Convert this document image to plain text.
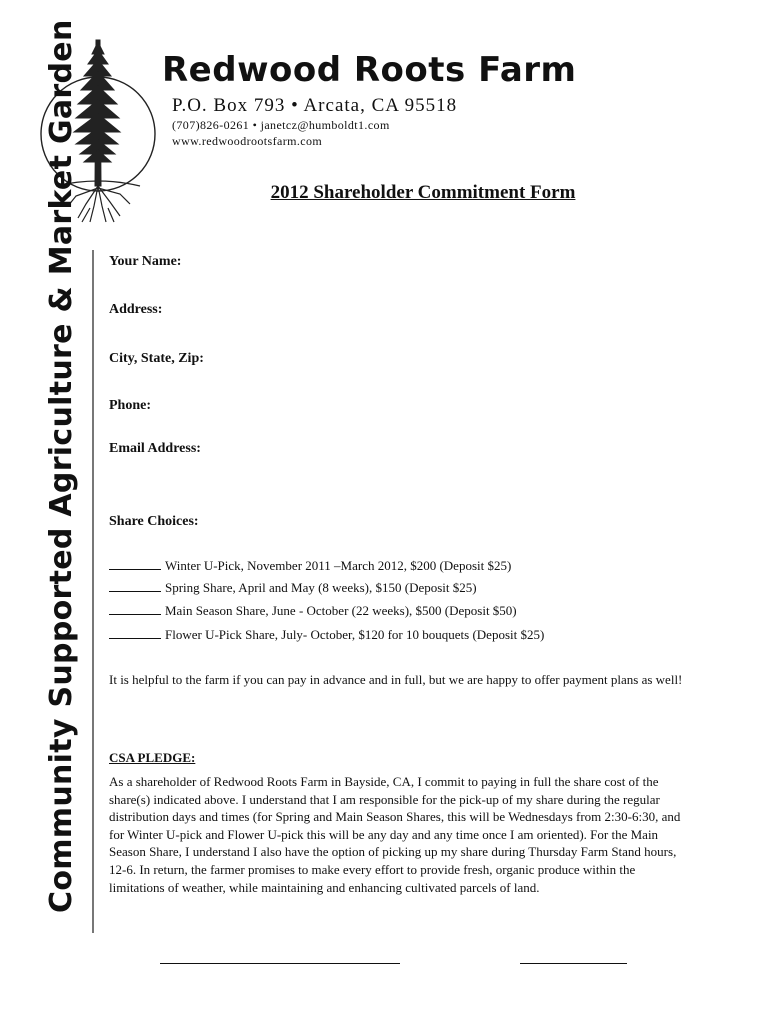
Redwood Roots Farm
P.O. Box 793 • Arcata, CA 95518
(707)826-0261 • janetcz@humboldt1.com
www.redwoodrootsfarm.com
2012 Shareholder Commitment Form
Community Supported Agriculture & Market Garden Your Name:
Address:
City, State, Zip:
Phone:
Email Address:
Share Choices:
Winter U-Pick, November 2011 –March 2012, $200 (Deposit $25)
Spring Share, April and May (8 weeks), $150 (Deposit $25)
Main Season Share, June - October (22 weeks), $500 (Deposit $50)
Flower U-Pick Share, July- October, $120 for 10 bouquets (Deposit $25)
It is helpful to the farm if you can pay in advance and in full, but we are happy to offer payment plans as well!
CSA PLEDGE:
As a shareholder of Redwood Roots Farm in Bayside, CA, I commit to paying in full the share cost of the share(s) indicated above. I understand that I am responsible for the pick-up of my share during the regular distribution days and times (for Spring and Main Season Shares, this will be Wednesdays from 2:30-6:30, and for Winter U-pick and Flower U-pick this will be any day and any time once I am oriented). For the Main Season Share, I understand I also have the option of picking up my share during Thursday Farm Stand hours, 12-6. In return, the farmer promises to make every effort to provide fresh, organic produce within the limitations of weather, while maintaining and enhancing cultivated parcels of land.
